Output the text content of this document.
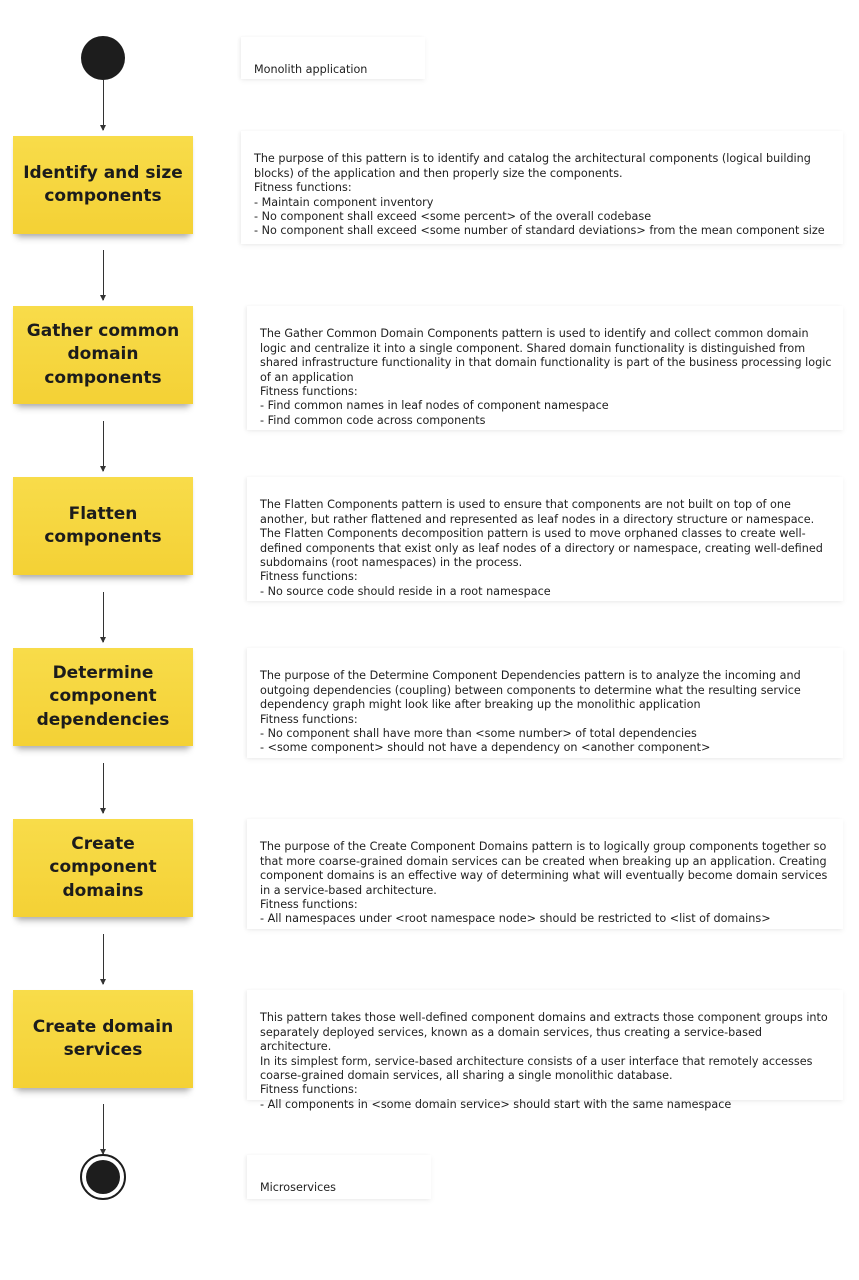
Monolith application

Identify and size components

The purpose of this pattern is to identify and catalog the architectural components (logical building blocks) of the application and then properly size the components.
Fitness functions:
- Maintain component inventory
- No component shall exceed <some percent> of the overall codebase
- No component shall exceed <some number of standard deviations> from the mean component size

Gather common domain components

The Gather Common Domain Components pattern is used to identify and collect common domain logic and centralize it into a single component. Shared domain functionality is distinguished from shared infrastructure functionality in that domain functionality is part of the business processing logic of an application
Fitness functions:
- Find common names in leaf nodes of component namespace
- Find common code across components

Flatten components

The Flatten Components pattern is used to ensure that components are not built on top of one another, but rather flattened and represented as leaf nodes in a directory structure or namespace. The Flatten Components decomposition pattern is used to move orphaned classes to create well-defined components that exist only as leaf nodes of a directory or namespace, creating well-defined subdomains (root namespaces) in the process.
Fitness functions:
- No source code should reside in a root namespace

Determine component dependencies

The purpose of the Determine Component Dependencies pattern is to analyze the incoming and outgoing dependencies (coupling) between components to determine what the resulting service dependency graph might look like after breaking up the monolithic application
Fitness functions:
- No component shall have more than <some number> of total dependencies
- <some component> should not have a dependency on <another component>

Create component domains

The purpose of the Create Component Domains pattern is to logically group components together so that more coarse-grained domain services can be created when breaking up an application. Creating component domains is an effective way of determining what will eventually become domain services in a service-based architecture.
Fitness functions:
- All namespaces under <root namespace node> should be restricted to <list of domains>

Create domain services

This pattern takes those well-defined component domains and extracts those component groups into separately deployed services, known as a domain services, thus creating a service-based architecture.
In its simplest form, service-based architecture consists of a user interface that remotely accesses coarse-grained domain services, all sharing a single monolithic database.
Fitness functions:
- All components in <some domain service> should start with the same namespace

Microservices
